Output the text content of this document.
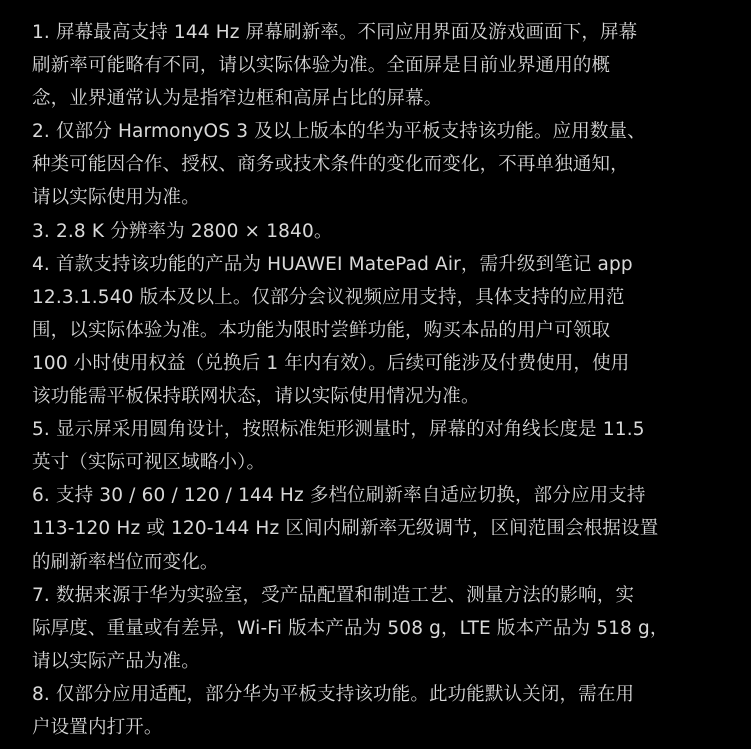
1. 屏幕最高支持 144 Hz 屏幕刷新率。不同应用界面及游戏画面下，屏幕
刷新率可能略有不同，请以实际体验为准。全面屏是目前业界通用的概
念，业界通常认为是指窄边框和高屏占比的屏幕。
2. 仅部分 HarmonyOS 3 及以上版本的华为平板支持该功能。应用数量、
种类可能因合作、授权、商务或技术条件的变化而变化，不再单独通知，
请以实际使用为准。
3. 2.8 K 分辨率为 2800 × 1840。
4. 首款支持该功能的产品为 HUAWEI MatePad Air，需升级到笔记 app
12.3.1.540 版本及以上。仅部分会议视频应用支持，具体支持的应用范
围，以实际体验为准。本功能为限时尝鲜功能，购买本品的用户可领取
100 小时使用权益（兑换后 1 年内有效）。后续可能涉及付费使用，使用
该功能需平板保持联网状态，请以实际使用情况为准。
5. 显示屏采用圆角设计，按照标准矩形测量时，屏幕的对角线长度是 11.5
英寸（实际可视区域略小）。
6. 支持 30 / 60 / 120 / 144 Hz 多档位刷新率自适应切换，部分应用支持
113-120 Hz 或 120-144 Hz 区间内刷新率无级调节，区间范围会根据设置
的刷新率档位而变化。
7. 数据来源于华为实验室，受产品配置和制造工艺、测量方法的影响，实
际厚度、重量或有差异，Wi-Fi 版本产品为 508 g，LTE 版本产品为 518 g，
请以实际产品为准。
8. 仅部分应用适配，部分华为平板支持该功能。此功能默认关闭，需在用
户设置内打开。
